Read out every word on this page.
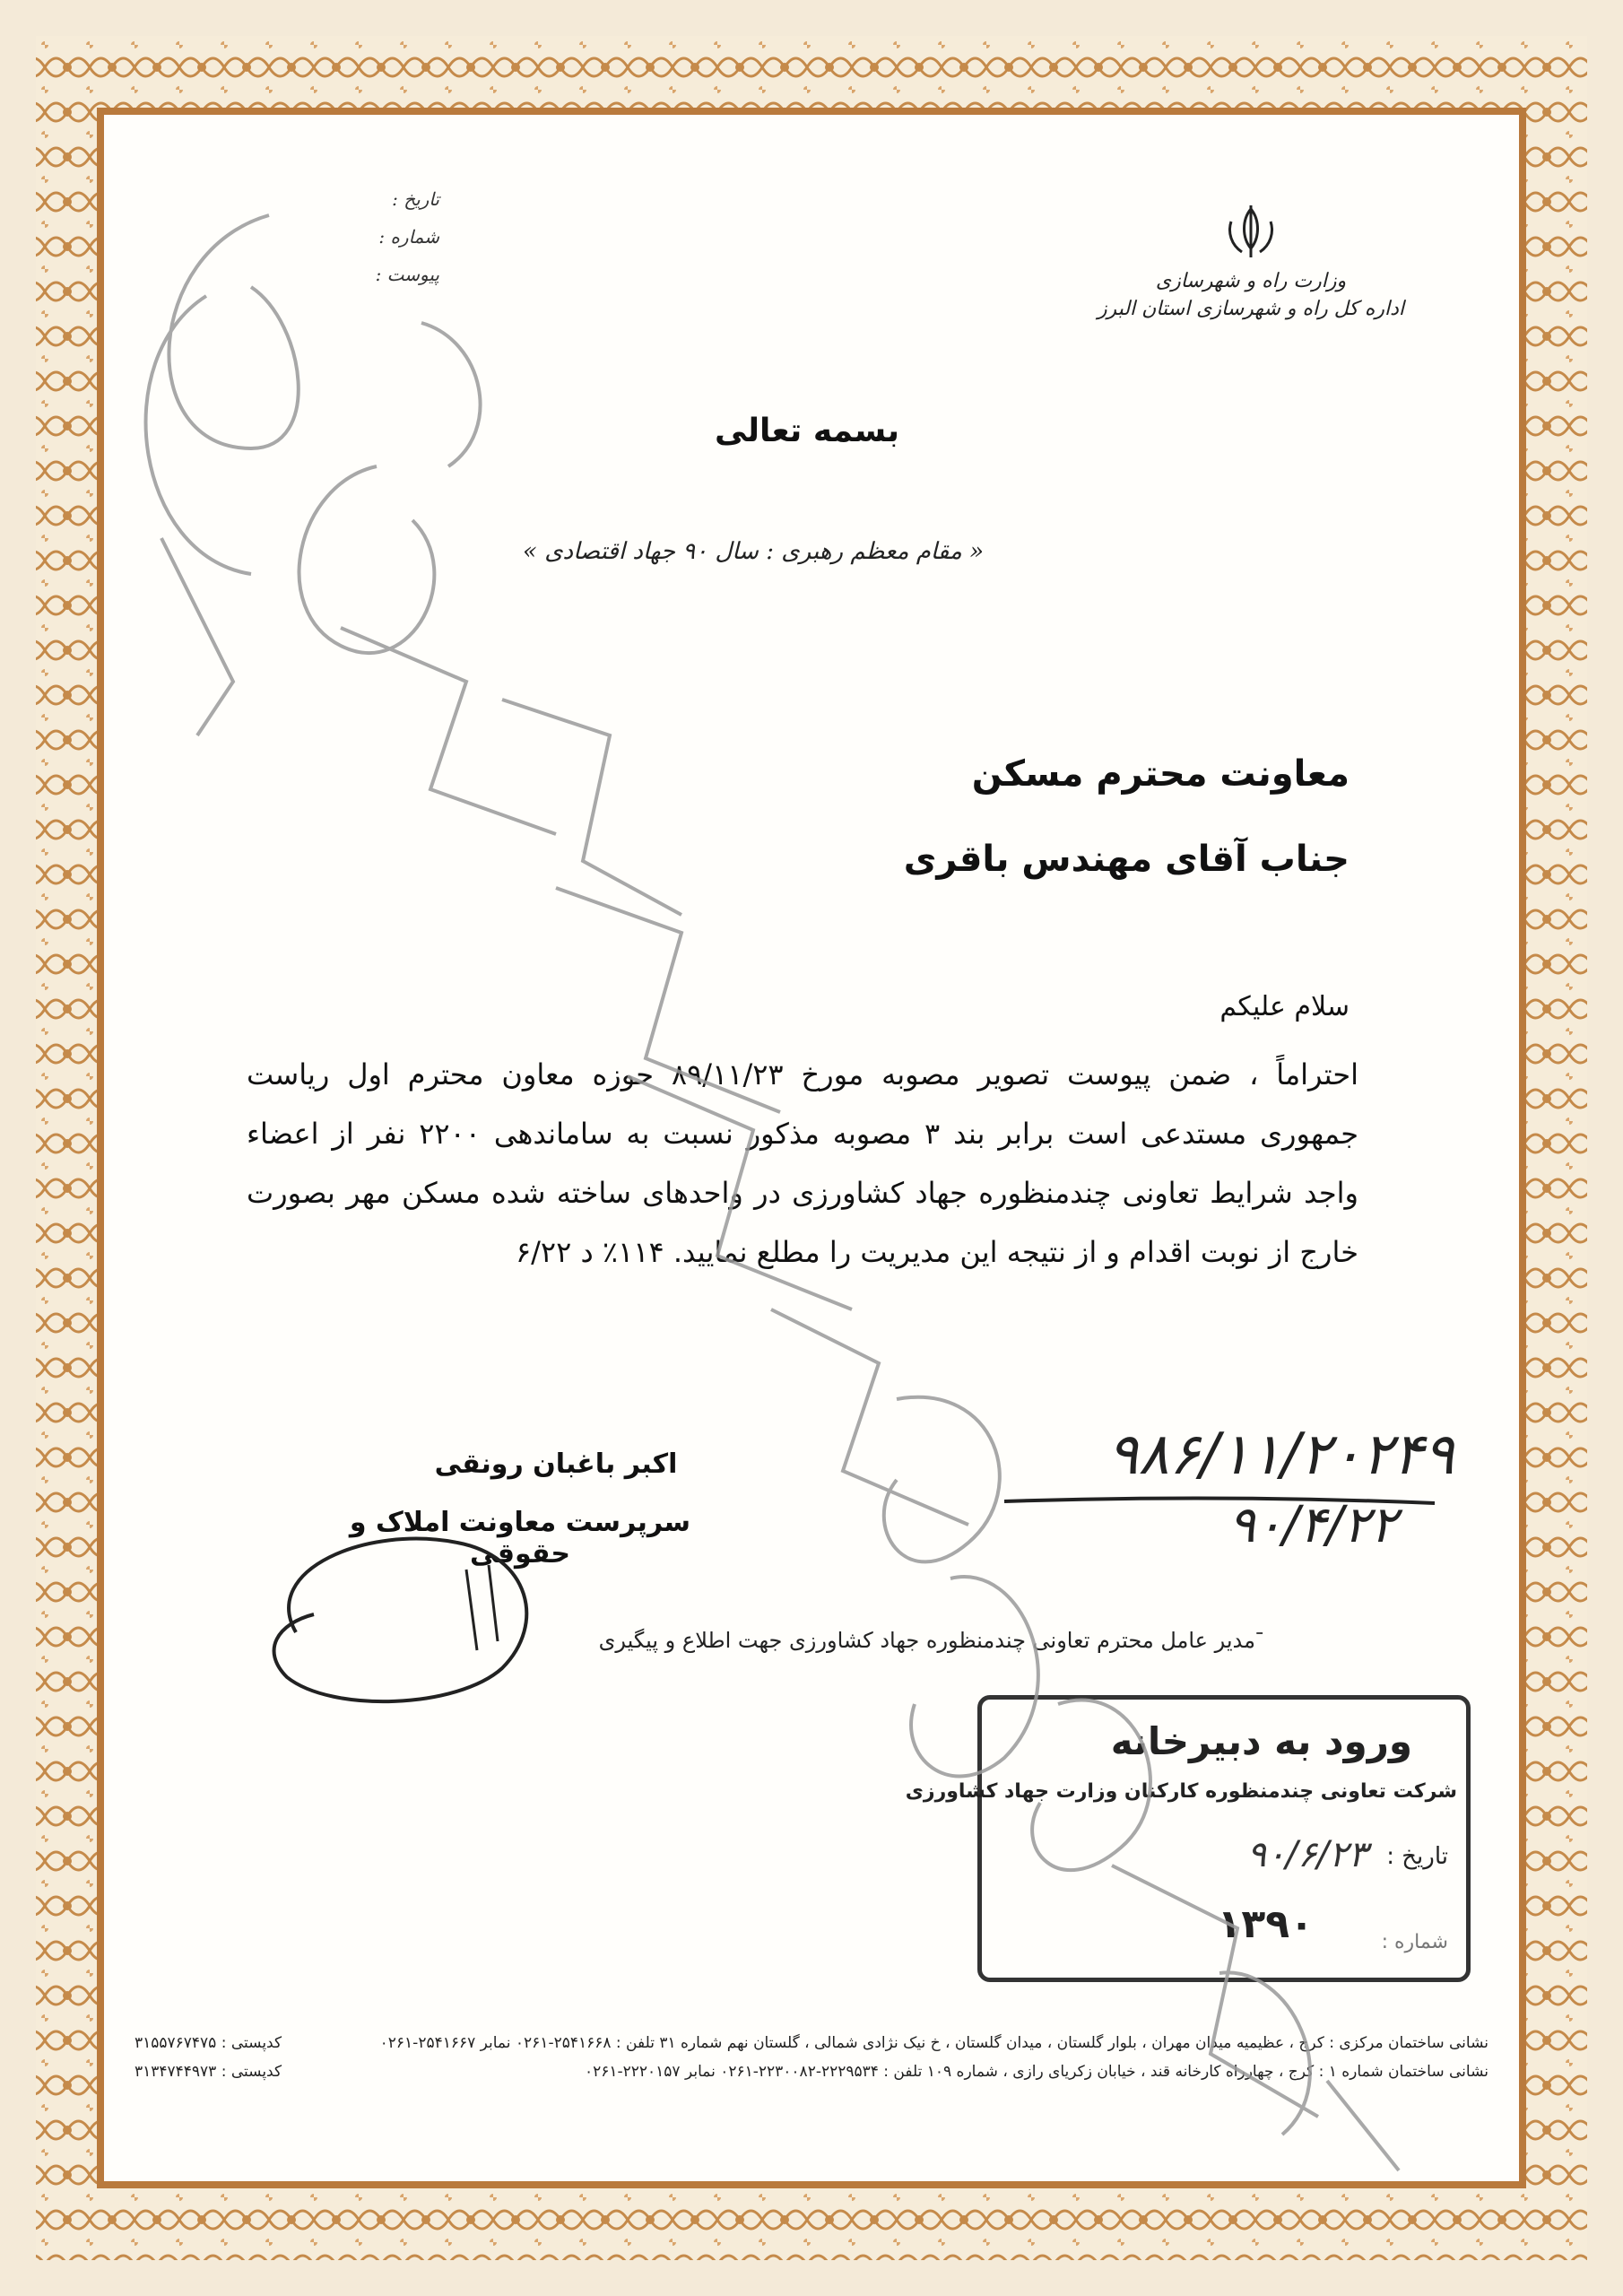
وزارت راه و شهرسازی
اداره کل راه و شهرسازی استان البرز
تاریخ :
شماره :
پیوست :
بسمه تعالی
« مقام معظم رهبری : سال ۹۰ جهاد اقتصادی »
معاونت محترم مسکن
جناب آقای مهندس باقری
سلام علیکم
احتراماً ، ضمن پیوست تصویر مصوبه مورخ ۸۹/۱۱/۲۳ حوزه معاون محترم اول ریاست جمهوری مستدعی است برابر بند ۳ مصوبه مذکور نسبت به ساماندهی ۲۲۰۰ نفر از اعضاء واجد شرایط تعاونی چندمنظوره جهاد کشاورزی در واحدهای ساخته شده مسکن مهر بصورت خارج از نوبت اقدام و از نتیجه این مدیریت را مطلع نمایید. ۱۱۴٪ د ۶/۲۲
۹۸۶/۱۱/۲۰۲۴۹
۹۰/۴/۲۲
اکبر باغبان رونقی
سرپرست معاونت املاک و حقوقی
-
مدیر عامل محترم تعاونی چندمنظوره جهاد کشاورزی جهت اطلاع و پیگیری
ورود به دبیرخانه
شرکت تعاونی چندمنظوره کارکنان وزارت جهاد کشاورزی
تاریخ :
۹۰/۶/۲۳
۱۳۹۰	شماره :
نشانی ساختمان مرکزی : کرج ، عظیمیه میدان مهران ، بلوار گلستان ، میدان گلستان ، خ نیک نژادی شمالی ، گلستان نهم شماره ۳۱ تلفن : ۲۵۴۱۶۶۸-۰۲۶۱ نمابر ۲۵۴۱۶۶۷-۰۲۶۱
کدپستی : ۳۱۵۵۷۶۷۴۷۵
نشانی ساختمان شماره ۱ : کرج ، چهارراه کارخانه قند ، خیابان زکریای رازی ، شماره ۱۰۹ تلفن : ۲۲۲۹۵۳۴-۲۲۳۰۰۸۲-۰۲۶۱ نمابر ۲۲۲۰۱۵۷-۰۲۶۱
کدپستی : ۳۱۳۴۷۴۴۹۷۳
